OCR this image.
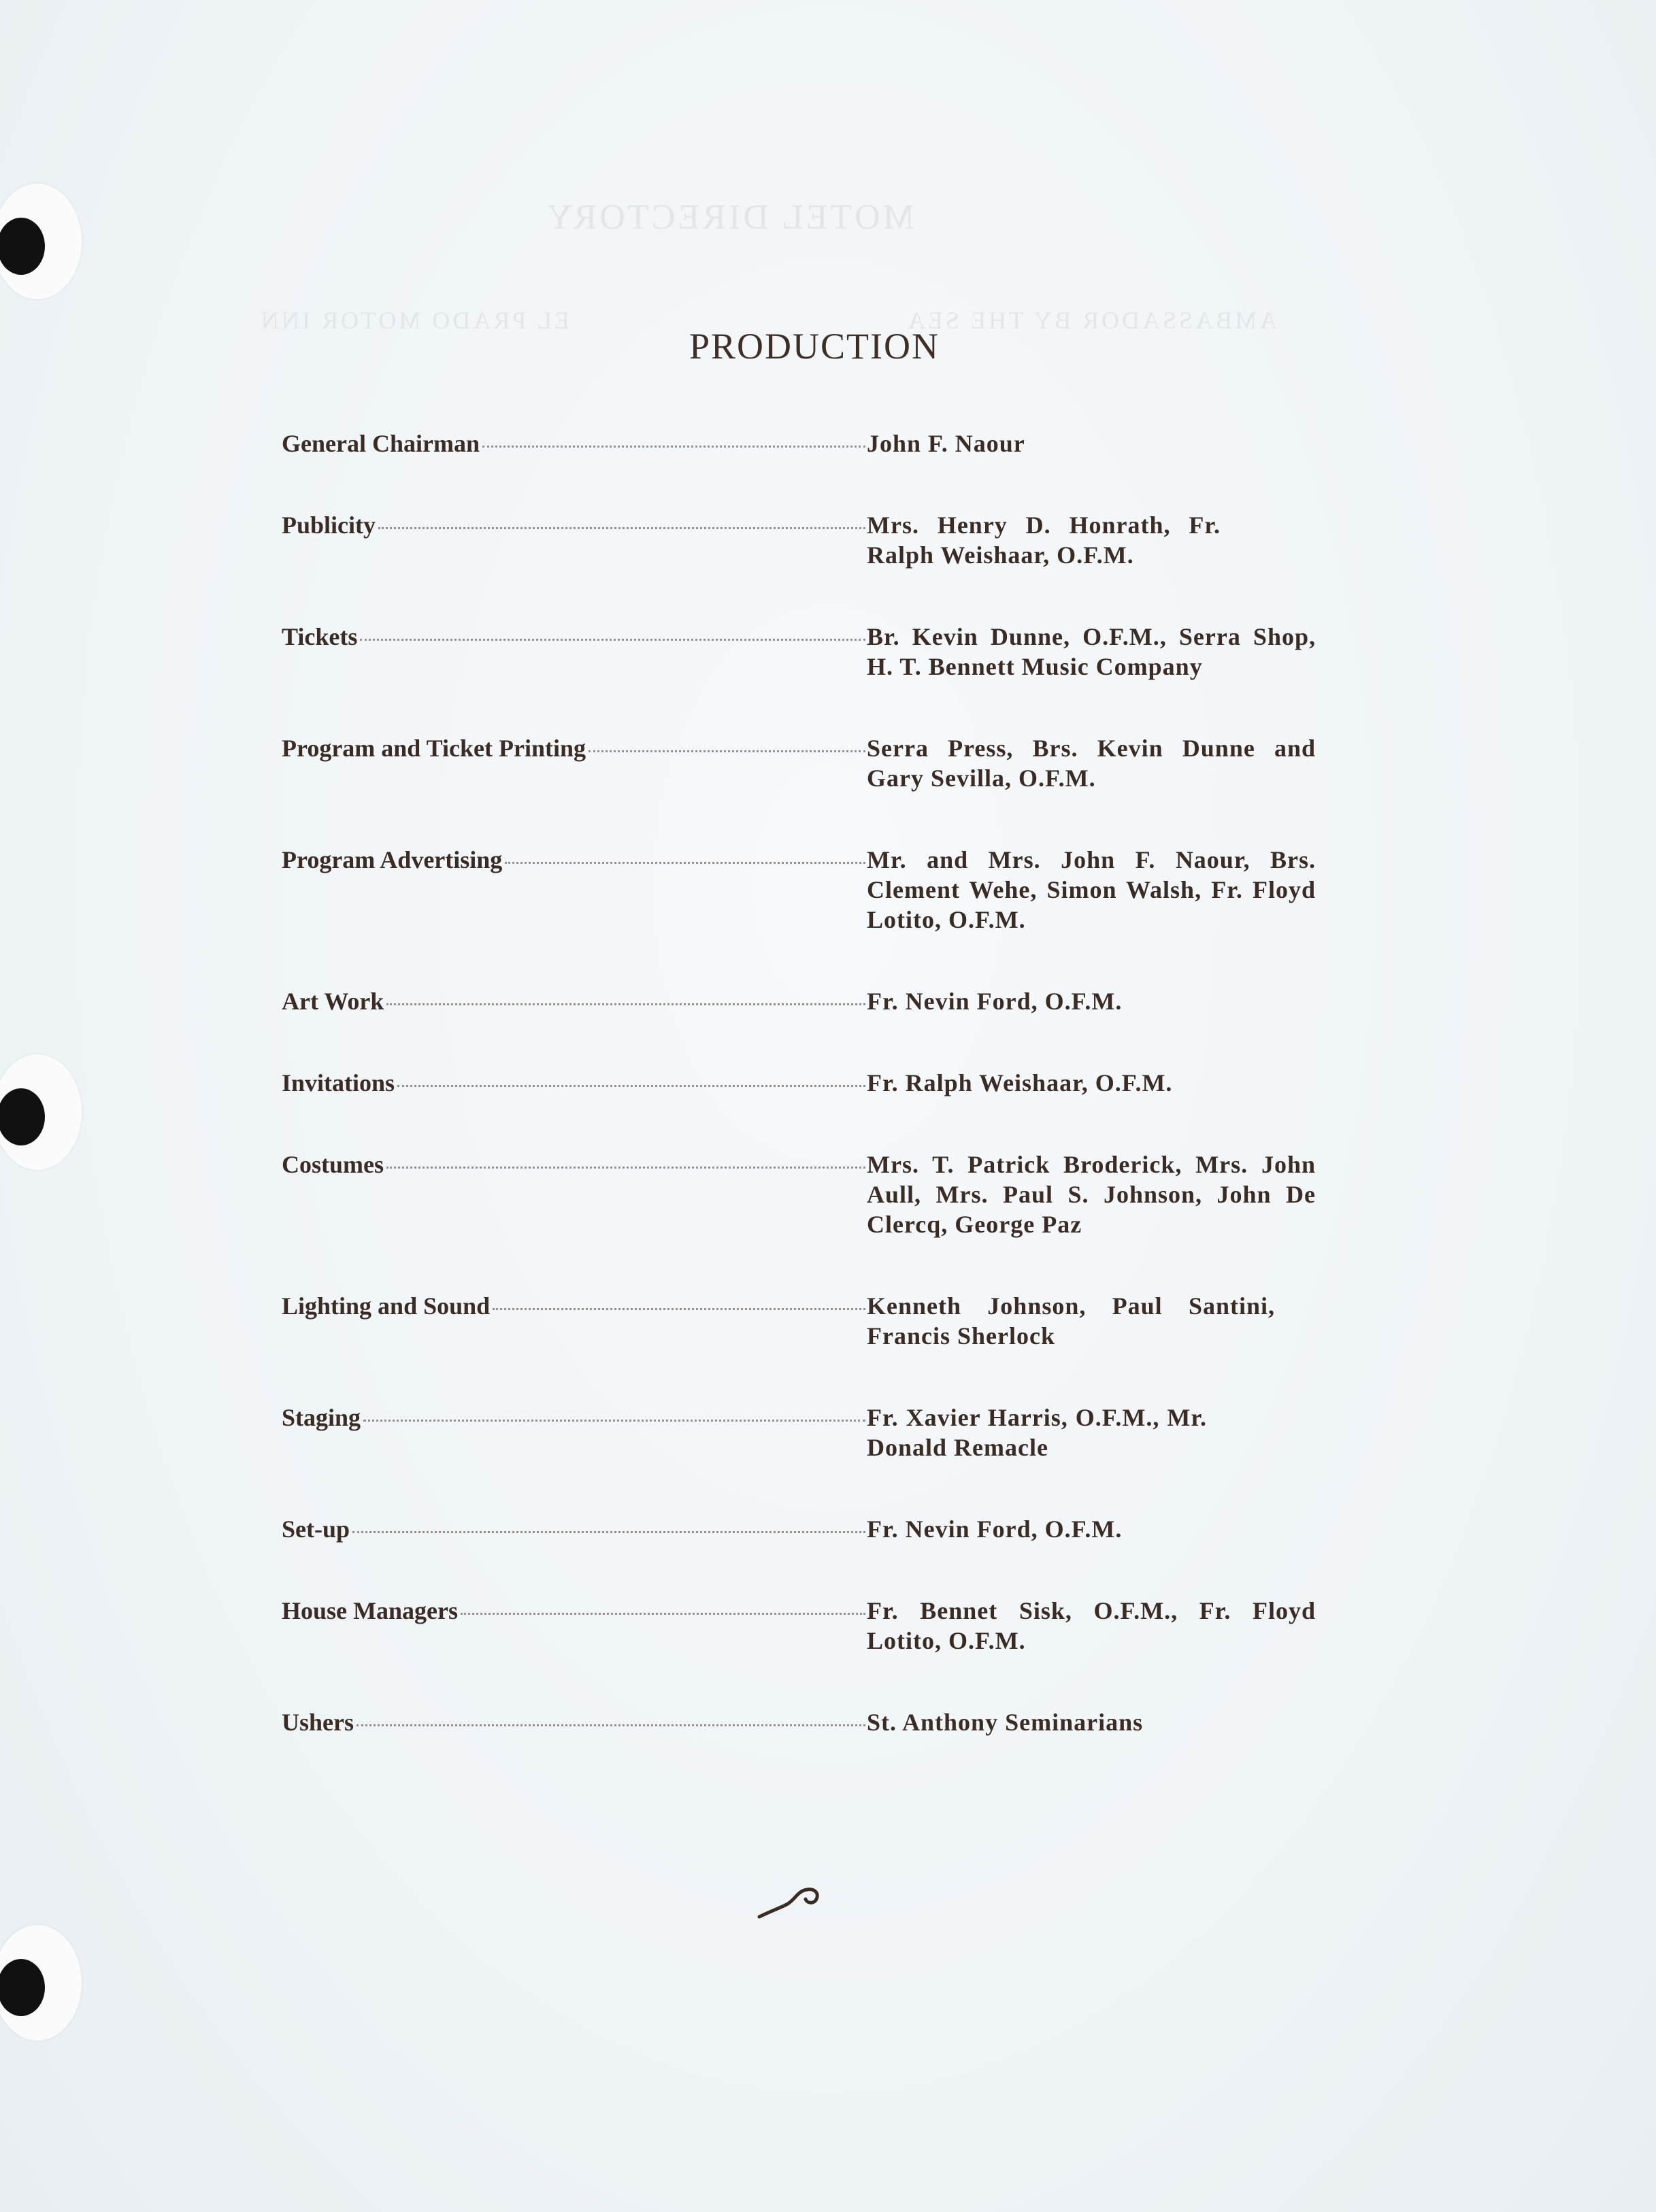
MOTEL DIRECTORY
AMBASSADOR BY THE SEA
EL PRADO MOTOR INN
PRODUCTION
General Chairman	John F. Naour
Publicity	Mrs. Henry D. Honrath, Fr. Ralph Weishaar, O.F.M.
Tickets	Br. Kevin Dunne, O.F.M., Serra Shop, H. T. Bennett Music Company
Program and Ticket Printing	Serra Press, Brs. Kevin Dunne and Gary Sevilla, O.F.M.
Program Advertising	Mr. and Mrs. John F. Naour, Brs. Clement Wehe, Simon Walsh, Fr. Floyd Lotito, O.F.M.
Art Work	Fr. Nevin Ford, O.F.M.
Invitations	Fr. Ralph Weishaar, O.F.M.
Costumes	Mrs. T. Patrick Broderick, Mrs. John Aull, Mrs. Paul S. Johnson, John De Clercq, George Paz
Lighting and Sound	Kenneth Johnson, Paul Santini, Francis Sherlock
Staging	Fr. Xavier Harris, O.F.M., Mr. Donald Remacle
Set-up	Fr. Nevin Ford, O.F.M.
House Managers	Fr. Bennet Sisk, O.F.M., Fr. Floyd Lotito, O.F.M.
Ushers	St. Anthony Seminarians
